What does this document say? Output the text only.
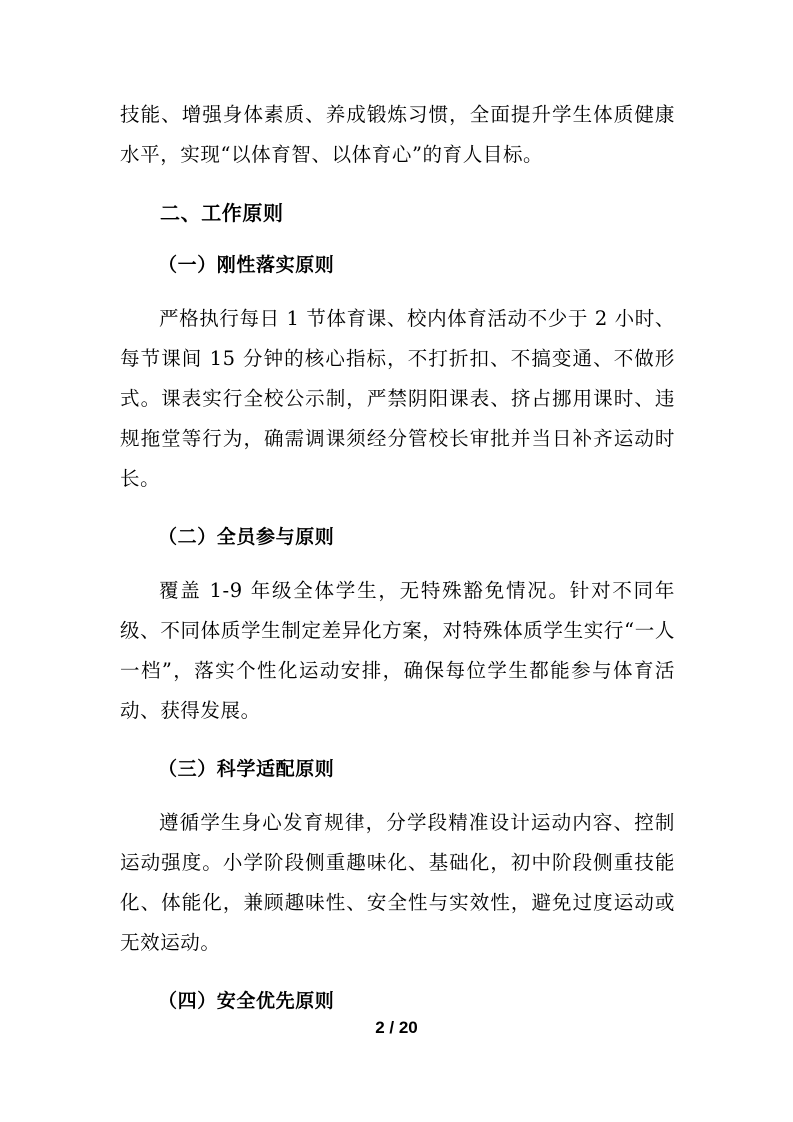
技能、增强身体素质、养成锻炼习惯，全面提升学生体质健康水平，实现“以体育智、以体育心”的育人目标。

二、工作原则
（一）刚性落实原则

严格执行每日 1 节体育课、校内体育活动不少于 2 小时、每节课间 15 分钟的核心指标，不打折扣、不搞变通、不做形式。课表实行全校公示制，严禁阴阳课表、挤占挪用课时、违规拖堂等行为，确需调课须经分管校长审批并当日补齐运动时长。

（二）全员参与原则

覆盖 1-9 年级全体学生，无特殊豁免情况。针对不同年级、不同体质学生制定差异化方案，对特殊体质学生实行“一人一档”，落实个性化运动安排，确保每位学生都能参与体育活动、获得发展。

（三）科学适配原则

遵循学生身心发育规律，分学段精准设计运动内容、控制运动强度。小学阶段侧重趣味化、基础化，初中阶段侧重技能化、体能化，兼顾趣味性、安全性与实效性，避免过度运动或无效运动。

（四）安全优先原则
2 / 20
